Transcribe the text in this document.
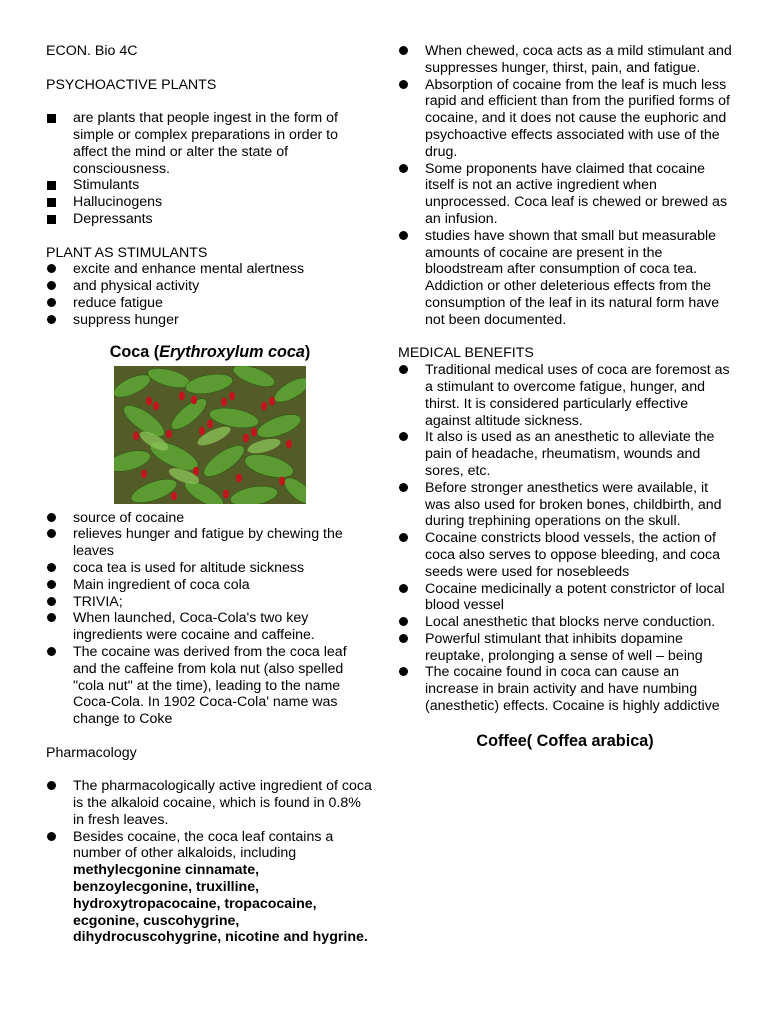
ECON. Bio 4C

PSYCHOACTIVE PLANTS

are plants that people ingest in the form of simple or complex preparations in order to affect the mind or alter the state of consciousness.
Stimulants
Hallucinogens
Depressants

PLANT AS STIMULANTS

excite and enhance mental alertness
and physical activity
reduce fatigue
suppress hunger

Coca (Erythroxylum coca)

source of cocaine
relieves hunger and fatigue by chewing the leaves
coca tea is used for altitude sickness
Main ingredient of coca cola
TRIVIA;
When launched, Coca-Cola's two key ingredients were cocaine and caffeine.
The cocaine was derived from the coca leaf and the caffeine from kola nut (also spelled "cola nut" at the time), leading to the name Coca-Cola. In 1902 Coca-Cola' name was change to Coke

Pharmacology

The pharmacologically active ingredient of coca is the alkaloid cocaine, which is found in 0.8% in fresh leaves.
Besides cocaine, the coca leaf contains a number of other alkaloids, including methylecgonine cinnamate, benzoylecgonine, truxilline, hydroxytropacocaine, tropacocaine, ecgonine, cuscohygrine, dihydrocuscohygrine, nicotine and hygrine.
When chewed, coca acts as a mild stimulant and suppresses hunger, thirst, pain, and fatigue.
Absorption of cocaine from the leaf is much less rapid and efficient than from the purified forms of cocaine, and it does not cause the euphoric and psychoactive effects associated with use of the drug.
Some proponents have claimed that cocaine itself is not an active ingredient when unprocessed. Coca leaf is chewed or brewed as an infusion.
studies have shown that small but measurable amounts of cocaine are present in the bloodstream after consumption of coca tea. Addiction or other deleterious effects from the consumption of the leaf in its natural form have not been documented.

MEDICAL BENEFITS

Traditional medical uses of coca are foremost as a stimulant to overcome fatigue, hunger, and thirst. It is considered particularly effective against altitude sickness.
It also is used as an anesthetic to alleviate the pain of headache, rheumatism, wounds and sores, etc.
Before stronger anesthetics were available, it was also used for broken bones, childbirth, and during trephining operations on the skull.
Cocaine constricts blood vessels, the action of coca also serves to oppose bleeding, and coca seeds were used for nosebleeds
Cocaine medicinally a potent constrictor of local blood vessel
Local anesthetic that blocks nerve conduction.
Powerful stimulant that inhibits dopamine reuptake, prolonging a sense of well – being
The cocaine found in coca can cause an increase in brain activity and have numbing (anesthetic) effects. Cocaine is highly addictive

Coffee( Coffea arabica)
